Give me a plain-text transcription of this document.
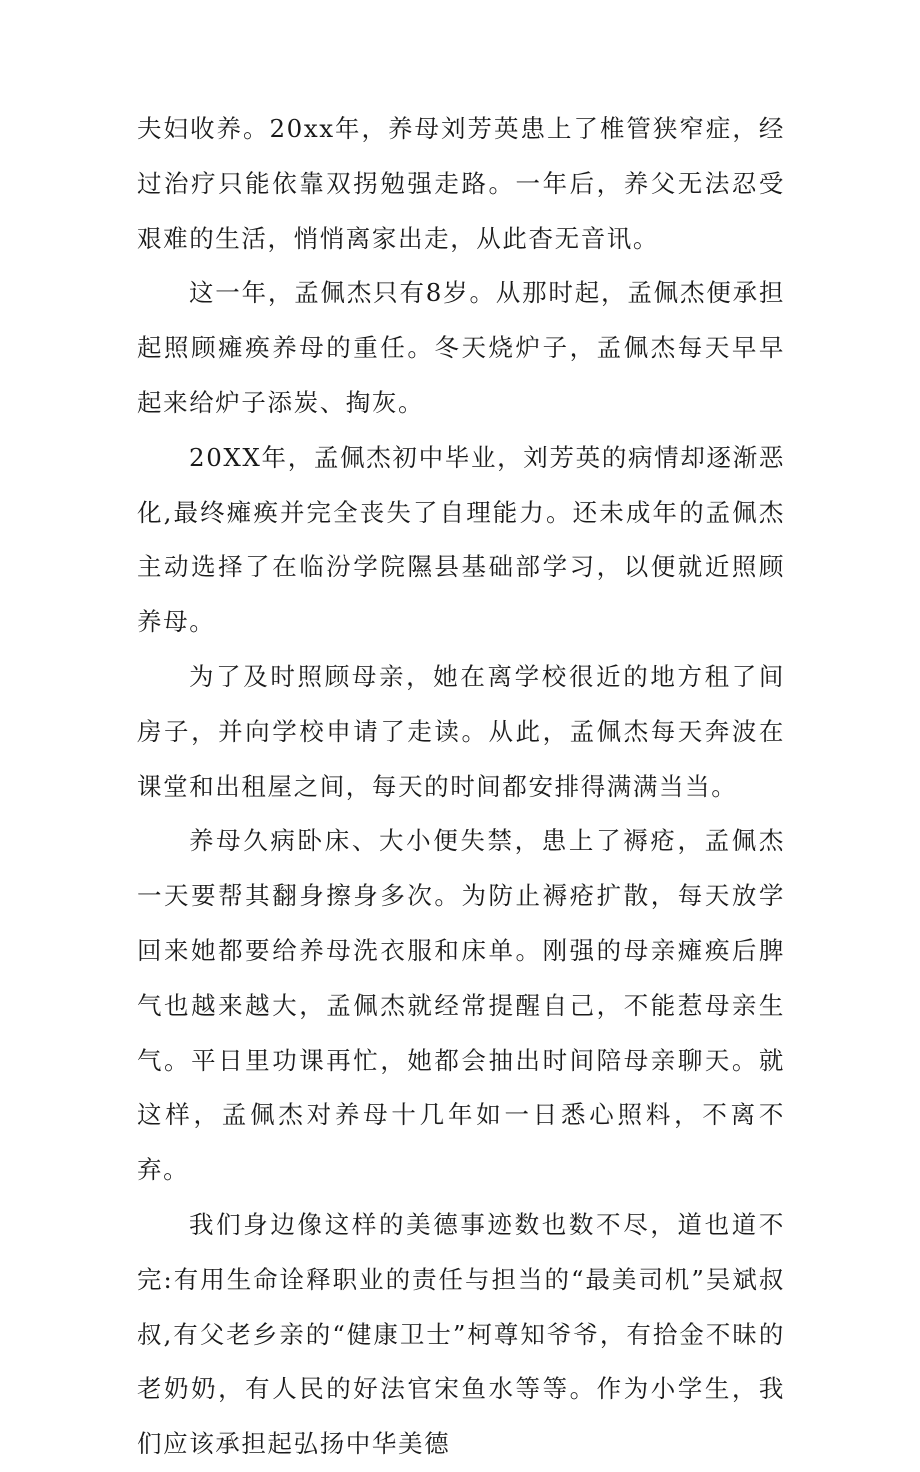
夫妇收养。20xx年，养母刘芳英患上了椎管狭窄症，经过治疗只能依靠双拐勉强走路。一年后，养父无法忍受艰难的生活，悄悄离家出走，从此杳无音讯。

这一年，孟佩杰只有8岁。从那时起，孟佩杰便承担起照顾瘫痪养母的重任。冬天烧炉子，孟佩杰每天早早起来给炉子添炭、掏灰。

20XX年，孟佩杰初中毕业，刘芳英的病情却逐渐恶化,最终瘫痪并完全丧失了自理能力。还未成年的孟佩杰主动选择了在临汾学院隰县基础部学习，以便就近照顾养母。

为了及时照顾母亲，她在离学校很近的地方租了间房子，并向学校申请了走读。从此，孟佩杰每天奔波在课堂和出租屋之间，每天的时间都安排得满满当当。

养母久病卧床、大小便失禁，患上了褥疮，孟佩杰一天要帮其翻身擦身多次。为防止褥疮扩散，每天放学回来她都要给养母洗衣服和床单。刚强的母亲瘫痪后脾气也越来越大，孟佩杰就经常提醒自己，不能惹母亲生气。平日里功课再忙，她都会抽出时间陪母亲聊天。就这样，孟佩杰对养母十几年如一日悉心照料，不离不弃。

我们身边像这样的美德事迹数也数不尽，道也道不完:有用生命诠释职业的责任与担当的“最美司机”吴斌叔叔,有父老乡亲的“健康卫士”柯尊知爷爷，有拾金不昧的老奶奶，有人民的好法官宋鱼水等等。作为小学生，我们应该承担起弘扬中华美德
